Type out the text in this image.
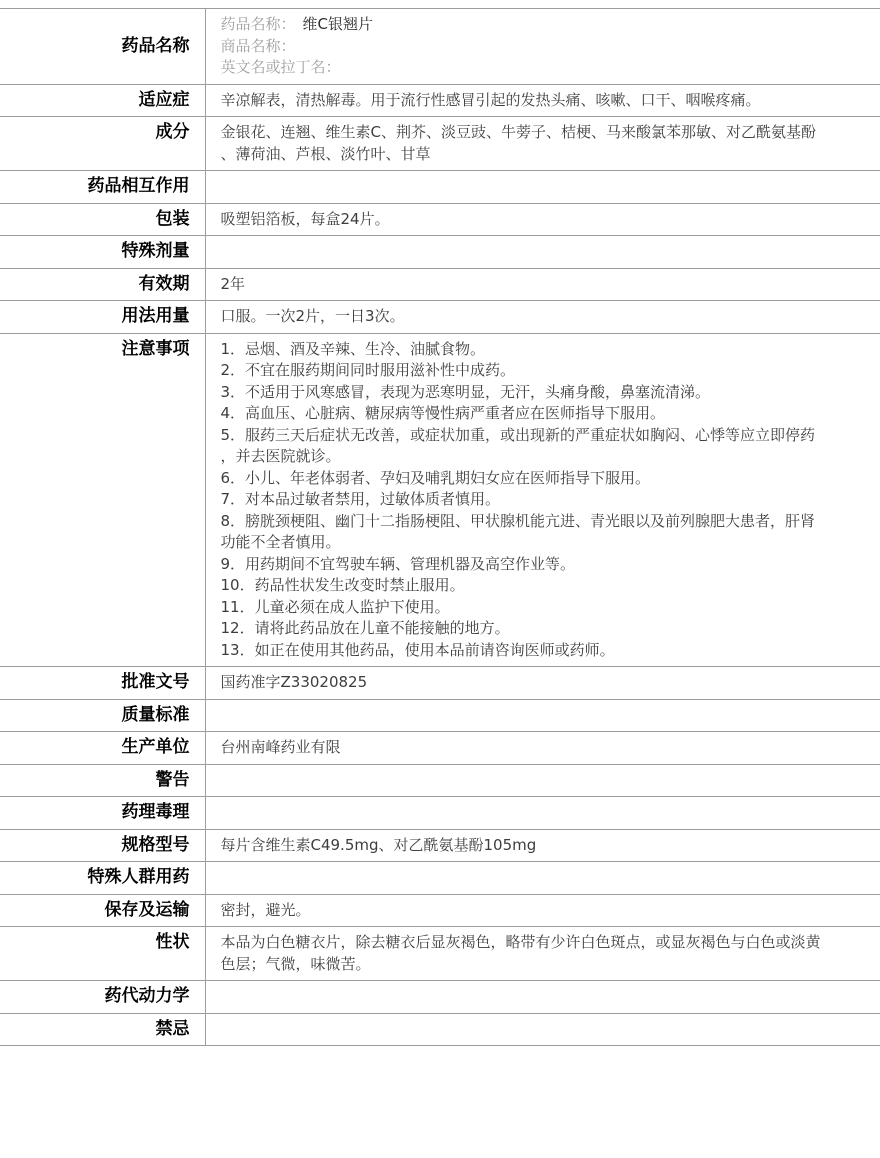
药品名称	药品名称： 维C银翘片
商品名称：
英文名或拉丁名：

适应症	辛凉解表，清热解毒。用于流行性感冒引起的发热头痛、咳嗽、口干、咽喉疼痛。

成分	金银花、连翘、维生素C、荆芥、淡豆豉、牛蒡子、桔梗、马来酸氯苯那敏、对乙酰氨基酚、薄荷油、芦根、淡竹叶、甘草

药品相互作用	

包装	吸塑铝箔板，每盒24片。

特殊剂量	

有效期	2年

用法用量	口服。一次2片，一日3次。

注意事项	1．忌烟、酒及辛辣、生冷、油腻食物。
2．不宜在服药期间同时服用滋补性中成药。
3．不适用于风寒感冒，表现为恶寒明显，无汗，头痛身酸，鼻塞流清涕。
4．高血压、心脏病、糖尿病等慢性病严重者应在医师指导下服用。
5．服药三天后症状无改善，或症状加重，或出现新的严重症状如胸闷、心悸等应立即停药，并去医院就诊。
6．小儿、年老体弱者、孕妇及哺乳期妇女应在医师指导下服用。
7．对本品过敏者禁用，过敏体质者慎用。
8．膀胱颈梗阻、幽门十二指肠梗阻、甲状腺机能亢进、青光眼以及前列腺肥大患者，肝肾功能不全者慎用。
9．用药期间不宜驾驶车辆、管理机器及高空作业等。
10．药品性状发生改变时禁止服用。
11．儿童必须在成人监护下使用。
12．请将此药品放在儿童不能接触的地方。
13．如正在使用其他药品，使用本品前请咨询医师或药师。

批准文号	国药准字Z33020825

质量标准	

生产单位	台州南峰药业有限

警告	

药理毒理	

规格型号	每片含维生素C49.5mg、对乙酰氨基酚105mg

特殊人群用药	

保存及运输	密封，避光。

性状	本品为白色糖衣片，除去糖衣后显灰褐色，略带有少许白色斑点，或显灰褐色与白色或淡黄色层；气微，味微苦。

药代动力学	

禁忌	
